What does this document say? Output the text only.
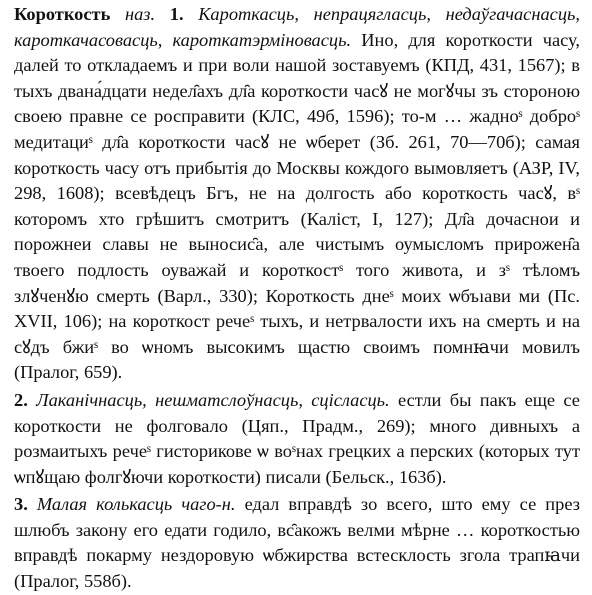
Короткость наз. 1. Кароткасць, непрацягласць, недаўгачаснасць, кароткачасовасць, кароткатэрміновасць. Ино, для короткости часу, далей то откладаемъ и при воли нашой зоставуемъ (КПД, 431, 1567); в тыхъ двана́дцати недел̑ахъ дл̑а короткости часꙋ не могꙋчы зъ стороною своею правне се росправити (КЛС, 49б, 1596); то‑м … жадноˢ доброˢ медитациˢ дл̑а короткости часꙋ не ѡберет (Зб. 261, 70—70б); самая короткость часу отъ прибытія до Москвы кождого вымовляетъ (АЗР, IV, 298, 1608); всевѣдецъ Бгъ, не на долгость або короткость часꙋ, вˢ которомъ хто грѣшитъ смотритъ (Каліст, І, 127); Дл̑а дочаснои и порожнеи славы не выносис̑а, але чистымъ оумысломъ прирожен̑а твоего подлость оуважай и короткостˢ того живота, и зˢ тѣломъ злꙋченꙋю смерть (Варл., 330); Короткость днеˢ моих ѡбъıави ми (Пс. XVII, 106); на короткост речеˢ тыхъ, и нетрвалости ихъ на смерть и на сꙋдъ бжиˢ во ѡномъ высокимъ щастю своимъ помнꙗчи мовилъ (Пралог, 659).

2. Лаканічнасць, нешматслоўнасць, сцісласць. естли бы пакъ еще се короткости не фолговало (Цяп., Прадм., 269); много дивныхъ а розмаитыхъ речеˢ гисторикове ѡ воˢнах грецких а перских (которых тут ѡпꙋщаю фолгꙋючи короткости) писали (Бельск., 163б).

3. Малая колькасць чаго‑н. едал вправдѣ зо всего, што ему се през шлюбъ закону его едати годило, вс̑акожъ велми мѣрне … короткостью вправдѣ покарму нездоровую ѡбжирства встесклость згола трапꙗчи (Пралог, 558б).
